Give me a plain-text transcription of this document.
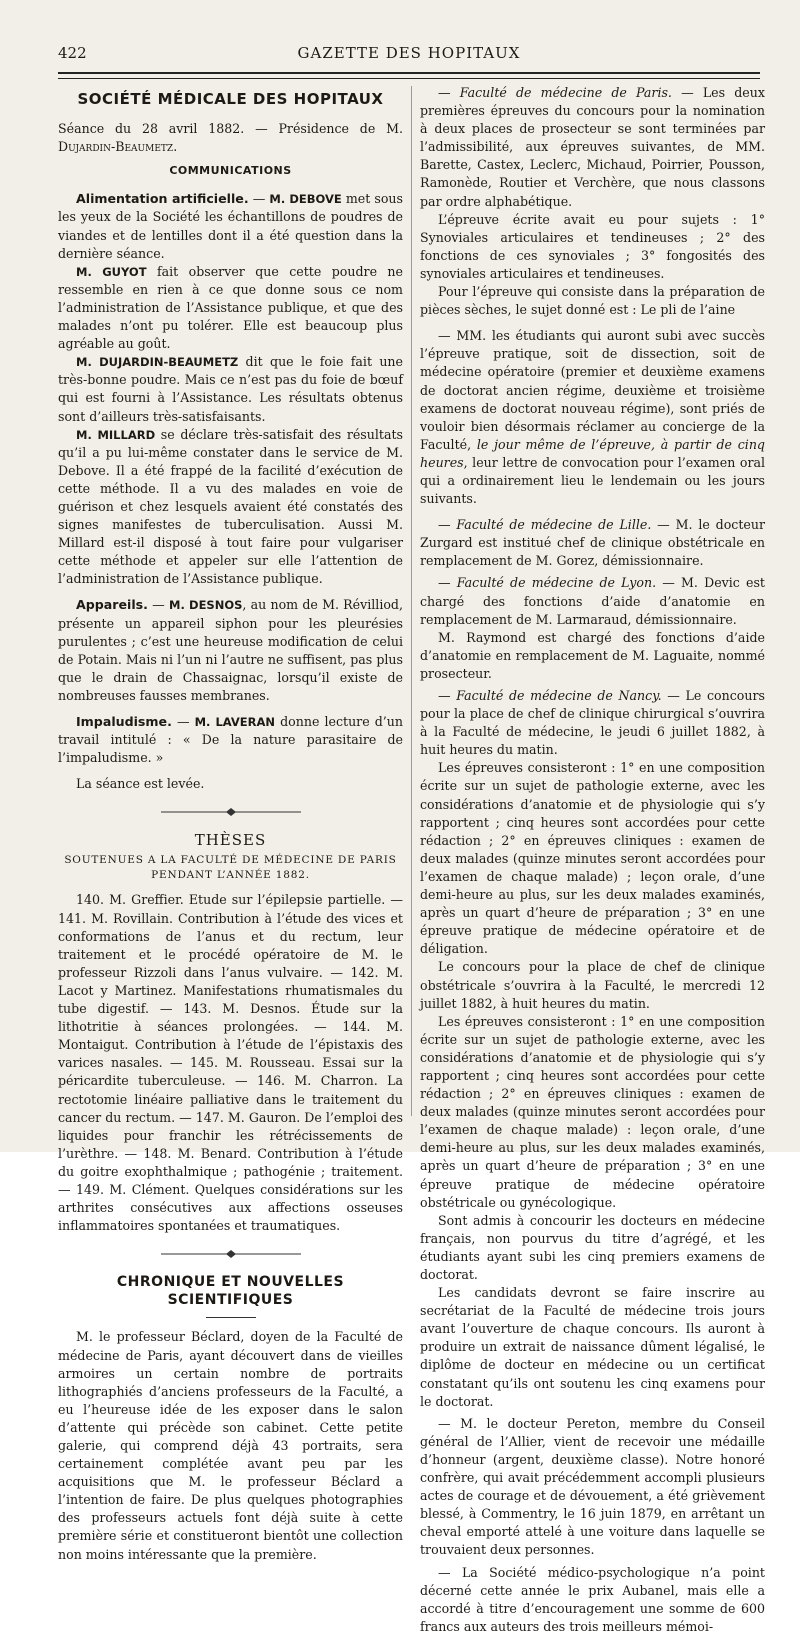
422	GAZETTE DES HOPITAUX
SOCIÉTÉ MÉDICALE DES HOPITAUX

Séance du 28 avril 1882. — Présidence de M. Dujardin-Beaumetz.

COMMUNICATIONS

Alimentation artificielle. — M. DEBOVE met sous les yeux de la Société les échantillons de poudres de viandes et de lentilles dont il a été question dans la dernière séance.

M. GUYOT fait observer que cette poudre ne ressemble en rien à ce que donne sous ce nom l’administration de l’Assistance publique, et que des malades n’ont pu tolérer. Elle est beaucoup plus agréable au goût.

M. DUJARDIN-BEAUMETZ dit que le foie fait une très-bonne poudre. Mais ce n’est pas du foie de bœuf qui est fourni à l’Assistance. Les résultats obtenus sont d’ailleurs très-satisfaisants.

M. MILLARD se déclare très-satisfait des résultats qu’il a pu lui-même constater dans le service de M. Debove. Il a été frappé de la facilité d’exécution de cette méthode. Il a vu des malades en voie de guérison et chez lesquels avaient été constatés des signes manifestes de tuberculisation. Aussi M. Millard est-il disposé à tout faire pour vulgariser cette méthode et appeler sur elle l’attention de l’administration de l’Assistance publique.

Appareils. — M. DESNOS, au nom de M. Révilliod, présente un appareil siphon pour les pleurésies purulentes ; c’est une heureuse modification de celui de Potain. Mais ni l’un ni l’autre ne suffisent, pas plus que le drain de Chassaignac, lorsqu’il existe de nombreuses fausses membranes.

Impaludisme. — M. LAVERAN donne lecture d’un travail intitulé : « De la nature parasitaire de l’impaludisme. »

La séance est levée.

THÈSES
SOUTENUES A LA FACULTÉ DE MÉDECINE DE PARIS
PENDANT L’ANNÉE 1882.

140. M. Greffier. Etude sur l’épilepsie partielle. — 141. M. Rovillain. Contribution à l’étude des vices et conformations de l’anus et du rectum, leur traitement et le procédé opératoire de M. le professeur Rizzoli dans l’anus vulvaire. — 142. M. Lacot y Martinez. Manifestations rhumatismales du tube digestif. — 143. M. Desnos. Étude sur la lithotritie à séances prolongées. — 144. M. Montaigut. Contribution à l’étude de l’épistaxis des varices nasales. — 145. M. Rousseau. Essai sur la péricardite tuberculeuse. — 146. M. Charron. La rectotomie linéaire palliative dans le traitement du cancer du rectum. — 147. M. Gauron. De l’emploi des liquides pour franchir les rétrécissements de l’urèthre. — 148. M. Benard. Contribution à l’étude du goitre exophthalmique ; pathogénie ; traitement. — 149. M. Clément. Quelques considérations sur les arthrites consécutives aux affections osseuses inflammatoires spontanées et traumatiques.

CHRONIQUE ET NOUVELLES SCIENTIFIQUES

M. le professeur Béclard, doyen de la Faculté de médecine de Paris, ayant découvert dans de vieilles armoires un certain nombre de portraits lithographiés d’anciens professeurs de la Faculté, a eu l’heureuse idée de les exposer dans le salon d’attente qui précède son cabinet. Cette petite galerie, qui comprend déjà 43 portraits, sera certainement complétée avant peu par les acquisitions que M. le professeur Béclard a l’intention de faire. De plus quelques photographies des professeurs actuels font déjà suite à cette première série et constitueront bientôt une collection non moins intéressante que la première.

— Faculté de médecine de Paris. — Les deux premières épreuves du concours pour la nomination à deux places de prosecteur se sont terminées par l’admissibilité, aux épreuves suivantes, de MM. Barette, Castex, Leclerc, Michaud, Poirrier, Pousson, Ramonède, Routier et Verchère, que nous classons par ordre alphabétique.

L’épreuve écrite avait eu pour sujets : 1° Synoviales articulaires et tendineuses ; 2° des fonctions de ces synoviales ; 3° fongosités des synoviales articulaires et tendineuses.

Pour l’épreuve qui consiste dans la préparation de pièces sèches, le sujet donné est : Le pli de l’aine

— MM. les étudiants qui auront subi avec succès l’épreuve pratique, soit de dissection, soit de médecine opératoire (premier et deuxième examens de doctorat ancien régime, deuxième et troisième examens de doctorat nouveau régime), sont priés de vouloir bien désormais réclamer au concierge de la Faculté, le jour même de l’épreuve, à partir de cinq heures, leur lettre de convocation pour l’examen oral qui a ordinairement lieu le lendemain ou les jours suivants.

— Faculté de médecine de Lille. — M. le docteur Zurgard est institué chef de clinique obstétricale en remplacement de M. Gorez, démissionnaire.

— Faculté de médecine de Lyon. — M. Devic est chargé des fonctions d’aide d’anatomie en remplacement de M. Larmaraud, démissionnaire.

M. Raymond est chargé des fonctions d’aide d’anatomie en remplacement de M. Laguaite, nommé prosecteur.

— Faculté de médecine de Nancy. — Le concours pour la place de chef de clinique chirurgical s’ouvrira à la Faculté de médecine, le jeudi 6 juillet 1882, à huit heures du matin.

Les épreuves consisteront : 1° en une composition écrite sur un sujet de pathologie externe, avec les considérations d’anatomie et de physiologie qui s’y rapportent ; cinq heures sont accordées pour cette rédaction ; 2° en épreuves cliniques : examen de deux malades (quinze minutes seront accordées pour l’examen de chaque malade) ; leçon orale, d’une demi-heure au plus, sur les deux malades examinés, après un quart d’heure de préparation ; 3° en une épreuve pratique de médecine opératoire et de déligation.

Le concours pour la place de chef de clinique obstétricale s’ouvrira à la Faculté, le mercredi 12 juillet 1882, à huit heures du matin.

Les épreuves consisteront : 1° en une composition écrite sur un sujet de pathologie externe, avec les considérations d’anatomie et de physiologie qui s’y rapportent ; cinq heures sont accordées pour cette rédaction ; 2° en épreuves cliniques : examen de deux malades (quinze minutes seront accordées pour l’examen de chaque malade) : leçon orale, d’une demi-heure au plus, sur les deux malades examinés, après un quart d’heure de préparation ; 3° en une épreuve pratique de médecine opératoire obstétricale ou gynécologique.

Sont admis à concourir les docteurs en médecine français, non pourvus du titre d’agrégé, et les étudiants ayant subi les cinq premiers examens de doctorat.

Les candidats devront se faire inscrire au secrétariat de la Faculté de médecine trois jours avant l’ouverture de chaque concours. Ils auront à produire un extrait de naissance dûment légalisé, le diplôme de docteur en médecine ou un certificat constatant qu’ils ont soutenu les cinq examens pour le doctorat.

— M. le docteur Pereton, membre du Conseil général de l’Allier, vient de recevoir une médaille d’honneur (argent, deuxième classe). Notre honoré confrère, qui avait précédemment accompli plusieurs actes de courage et de dévouement, a été grièvement blessé, à Commentry, le 16 juin 1879, en arrêtant un cheval emporté attelé à une voiture dans laquelle se trouvaient deux personnes.

— La Société médico-psychologique n’a point décerné cette année le prix Aubanel, mais elle a accordé à titre d’encouragement une somme de 600 francs aux auteurs des trois meilleurs mémoi-
